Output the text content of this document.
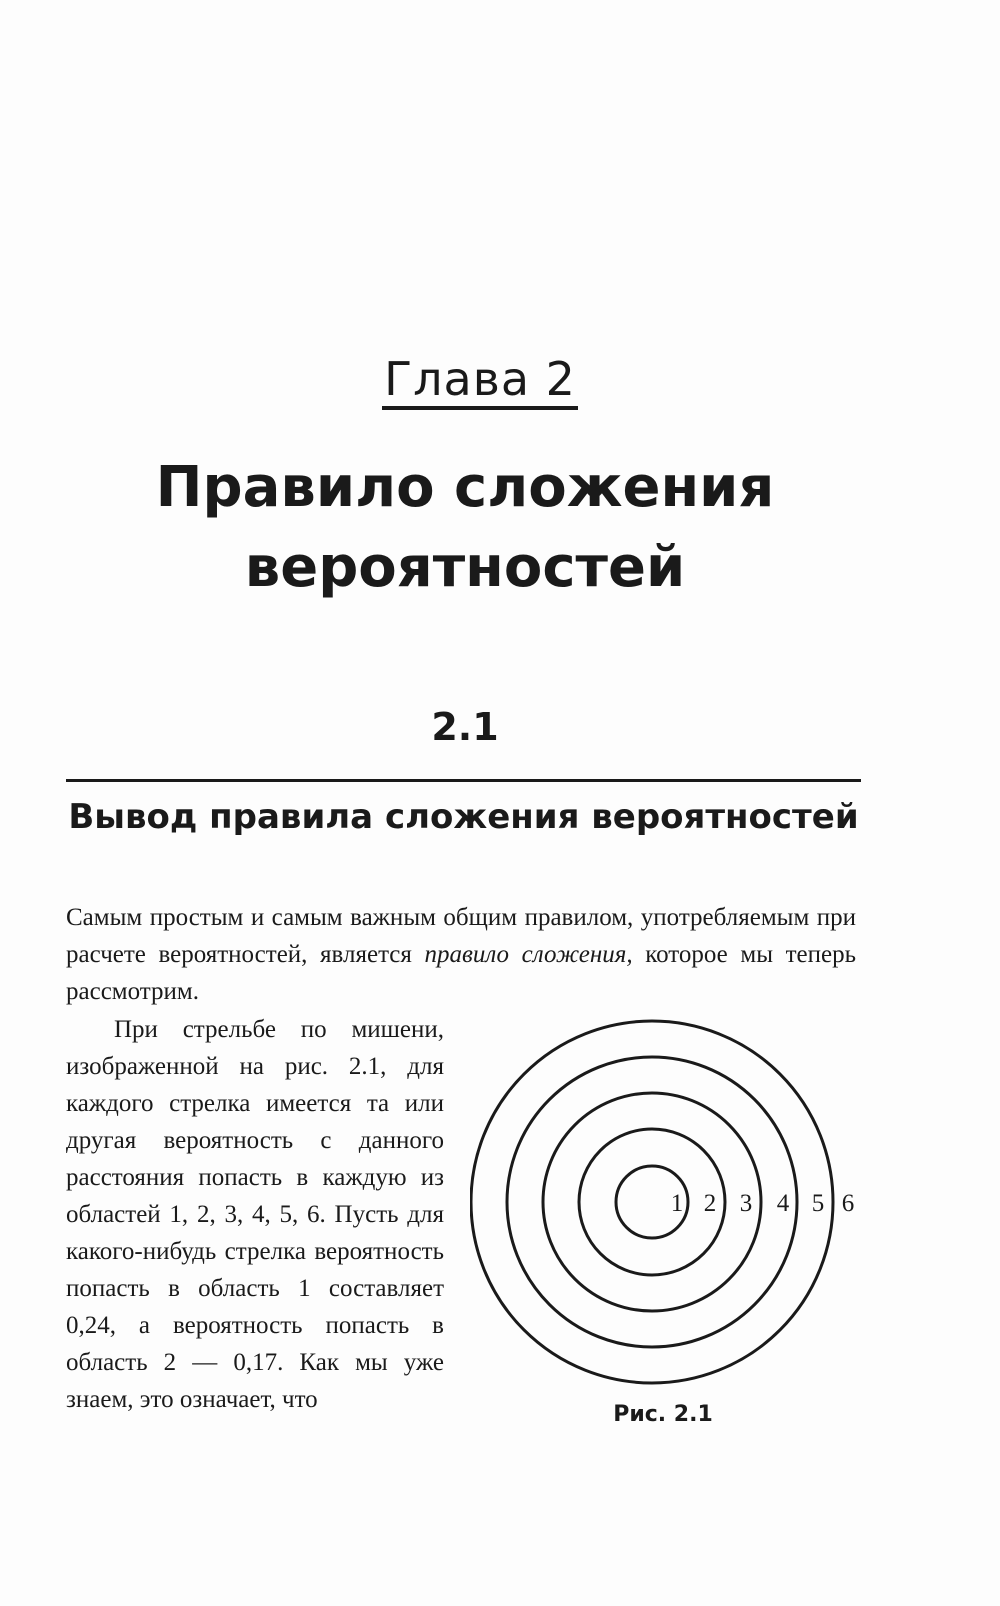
Глава 2
Правило сложения
вероятностей
2.1
Вывод правила сложения вероятностей
Самым простым и самым важным общим правилом, употребляемым при расчете вероятностей, является правило сложения, которое мы теперь рассмотрим.

При стрельбе по мишени, изображенной на рис. 2.1, для каждого стрелка имеется та или другая вероятность с данного расстояния попасть в каждую из областей 1, 2, 3, 4, 5, 6. Пусть для какого-нибудь стрелка вероятность попасть в область 1 составляет 0,24, а вероятность попасть в область 2 — 0,17. Как мы уже знаем, это означает, что

1 2 3 4 5 6
Рис. 2.1
